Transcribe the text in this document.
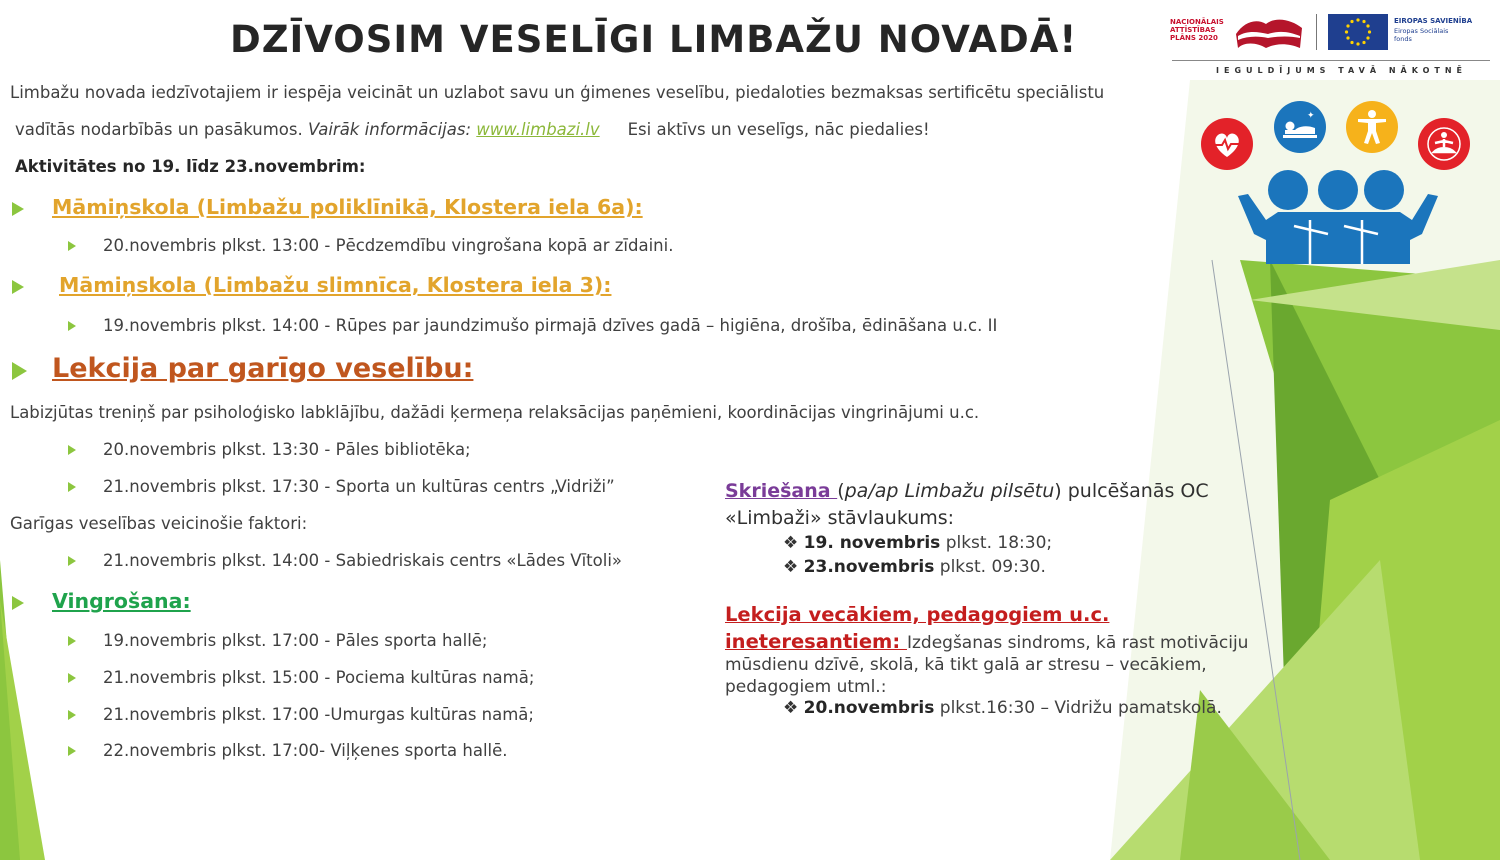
DZĪVOSIM VESELĪGI LIMBAŽU NOVADĀ!	NACIONĀLAIS
ATTĪSTĪBAS
PLĀNS 2020
EIROPAS SAVIENĪBA
Eiropas Sociālais
fonds
IEGULDĪJUMS TAVĀ NĀKOTNĒ
✦
Limbažu novada iedzīvotajiem ir iespēja veicināt un uzlabot savu un ģimenes veselību, piedaloties bezmaksas sertificētu speciālistu
vadītās nodarbībās un pasākumos. Vairāk informācijas: www.limbazi.lv Esi aktīvs un veselīgs, nāc piedalies!
Aktivitātes no 19. līdz 23.novembrim:
Māmiņskola (Limbažu poliklīnikā, Klostera iela 6a):
20.novembris plkst. 13:00 - Pēcdzemdību vingrošana kopā ar zīdaini.
Māmiņskola (Limbažu slimnīca, Klostera iela 3):
19.novembris plkst. 14:00 - Rūpes par jaundzimušo pirmajā dzīves gadā – higiēna, drošība, ēdināšana u.c. II
Lekcija par garīgo veselību:
Labizjūtas treniņš par psiholoģisko labklājību, dažādi ķermeņa relaksācijas paņēmieni, koordinācijas vingrinājumi u.c.
20.novembris plkst. 13:30 - Pāles bibliotēka;
21.novembris plkst. 17:30 - Sporta un kultūras centrs „Vidriži”
Garīgas veselības veicinošie faktori:
21.novembris plkst. 14:00 - Sabiedriskais centrs «Lādes Vītoli»
Vingrošana:
19.novembris plkst. 17:00 - Pāles sporta hallē;
21.novembris plkst. 15:00 - Pociema kultūras namā;
21.novembris plkst. 17:00 -Umurgas kultūras namā;
22.novembris plkst. 17:00- Viļķenes sporta hallē.
Skriešana (pa/ap Limbažu pilsētu) pulcēšanās OC
«Limbaži» stāvlaukums:
❖ 19. novembris plkst. 18:30;
❖ 23.novembris plkst. 09:30.
Lekcija vecākiem, pedagogiem u.c.
ineteresantiem: Izdegšanas sindroms, kā rast motivāciju
mūsdienu dzīvē, skolā, kā tikt galā ar stresu – vecākiem,
pedagogiem utml.:
❖ 20.novembris plkst.16:30 – Vidrižu pamatskolā.
